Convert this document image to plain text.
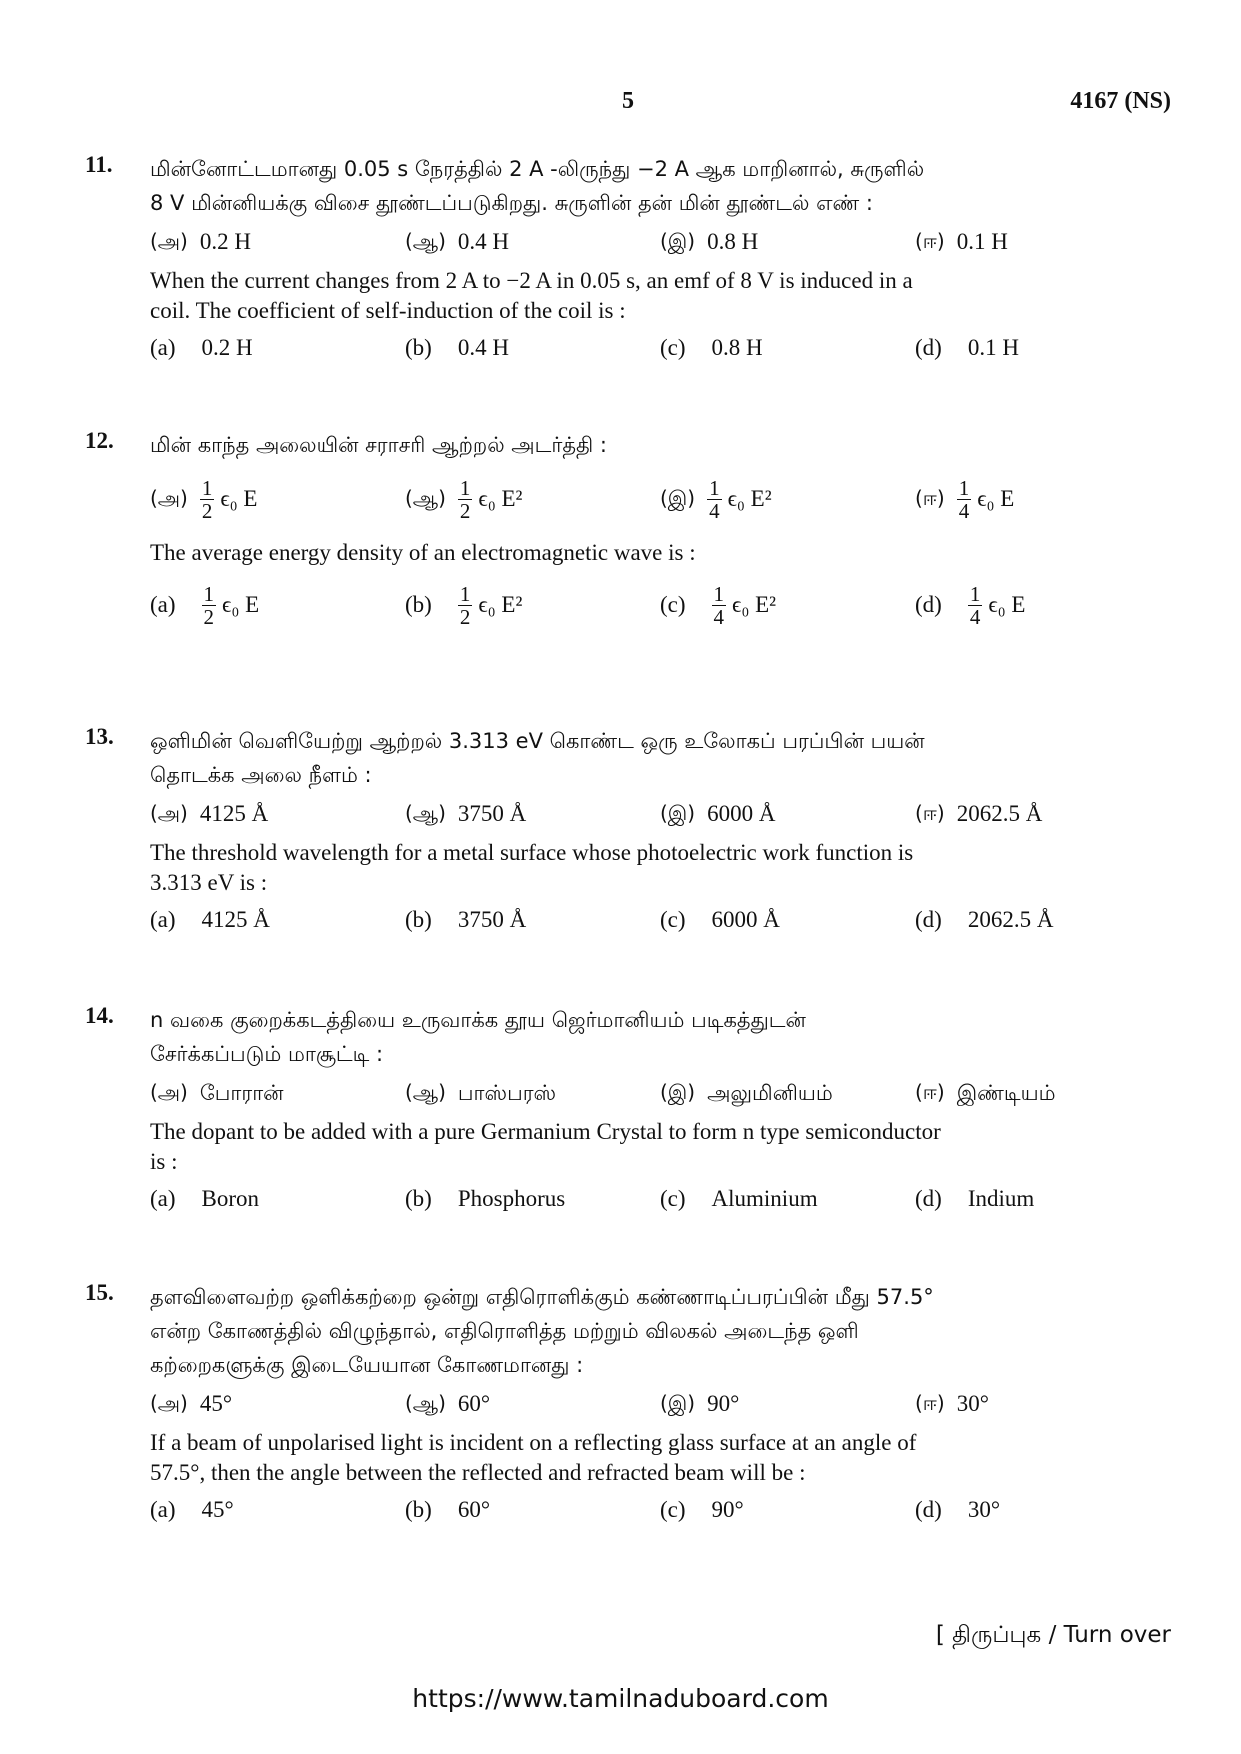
5	4167 (NS)
11. மின்னோட்டமானது 0.05 s நேரத்தில் 2 A -லிருந்து −2 A ஆக மாறினால், சுருளில்
8 V மின்னியக்கு விசை தூண்டப்படுகிறது. சுருளின் தன் மின் தூண்டல் எண் :
(அ) 0.2 H	(ஆ) 0.4 H	(இ) 0.8 H	(ஈ) 0.1 H
When the current changes from 2 A to −2 A in 0.05 s, an emf of 8 V is induced in a
coil. The coefficient of self-induction of the coil is :
(a) 0.2 H	(b) 0.4 H	(c) 0.8 H	(d) 0.1 H
12. மின் காந்த அலையின் சராசரி ஆற்றல் அடர்த்தி :
(அ) $\frac{1}{2} \epsilon_0$ E	(ஆ) $\frac{1}{2} \epsilon_0$ E²	(இ) $\frac{1}{4} \epsilon_0$ E²	(ஈ) $\frac{1}{4} \epsilon_0$ E
The average energy density of an electromagnetic wave is :
$(a) \frac{1}{2} \epsilon_0$ E	$(b) \frac{1}{2} \epsilon_0$ E²	$(c) \frac{1}{4} \epsilon_0$ E²	$(d) \frac{1}{4} \epsilon_0$ E
13. ஒளிமின் வெளியேற்று ஆற்றல் 3.313 eV கொண்ட ஒரு உலோகப் பரப்பின் பயன்
தொடக்க அலை நீளம் :
(அ) 4125 Å	(ஆ) 3750 Å	(இ) 6000 Å	(ஈ) 2062.5 Å
The threshold wavelength for a metal surface whose photoelectric work function is
3.313 eV is :
(a) 4125 Å	(b) 3750 Å	(c) 6000 Å	(d) 2062.5 Å
14. n வகை குறைக்கடத்தியை உருவாக்க தூய ஜெர்மானியம் படிகத்துடன்
சேர்க்கப்படும் மாசூட்டி :
(அ) போரான்	(ஆ) பாஸ்பரஸ்	(இ) அலுமினியம்	(ஈ) இண்டியம்
The dopant to be added with a pure Germanium Crystal to form n type semiconductor
is :
(a) Boron	(b) Phosphorus	(c) Aluminium	(d) Indium
15. தளவிளைவற்ற ஒளிக்கற்றை ஒன்று எதிரொளிக்கும் கண்ணாடிப்பரப்பின் மீது 57.5°
என்ற கோணத்தில் விழுந்தால், எதிரொளித்த மற்றும் விலகல் அடைந்த ஒளி
கற்றைகளுக்கு இடையேயான கோணமானது :
(அ) 45°	(ஆ) 60°	(இ) 90°	(ஈ) 30°
If a beam of unpolarised light is incident on a reflecting glass surface at an angle of
57.5°, then the angle between the reflected and refracted beam will be :
(a) 45°	(b) 60°	(c) 90°	(d) 30°
[ திருப்புக / Turn over
https://www.tamilnaduboard.com
